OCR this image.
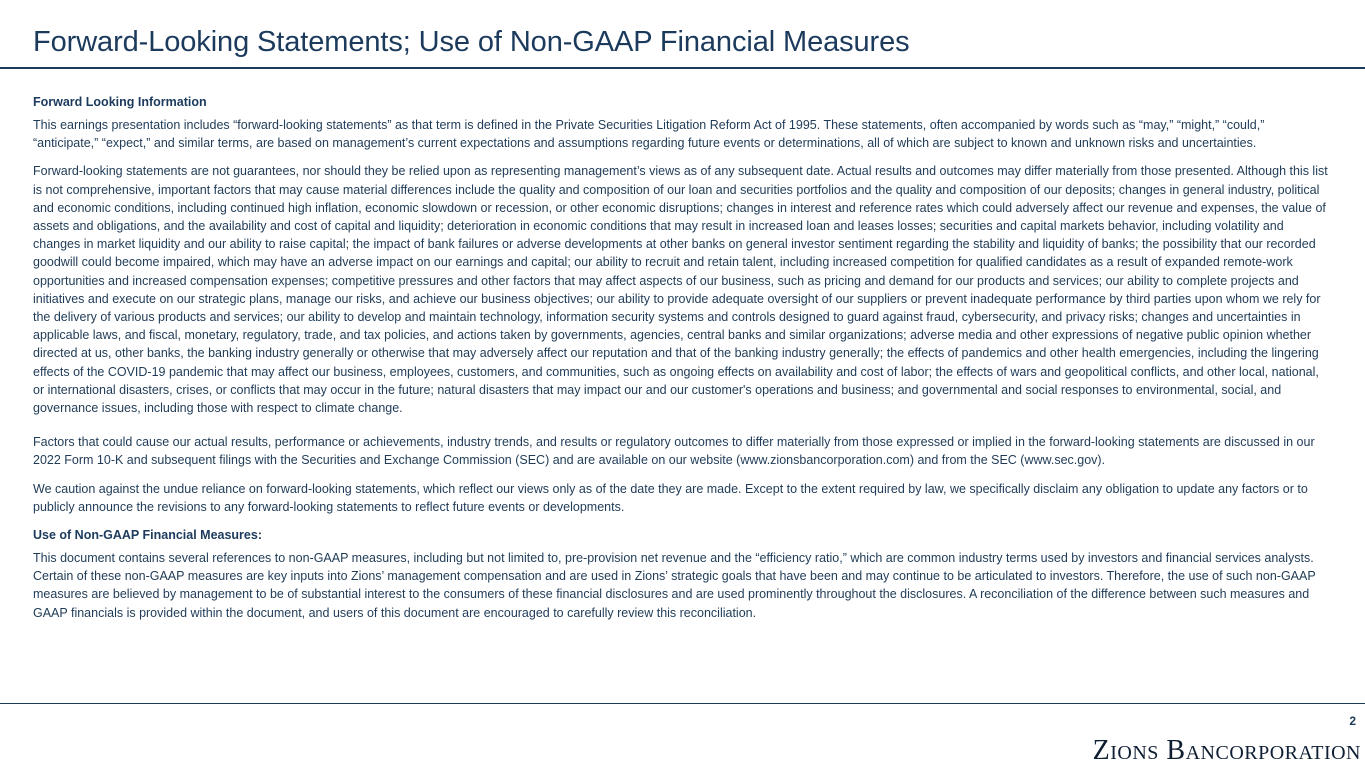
Forward-Looking Statements; Use of Non-GAAP Financial Measures
Forward Looking Information

This earnings presentation includes “forward-looking statements” as that term is defined in the Private Securities Litigation Reform Act of 1995. These statements, often accompanied by words such as “may,” “might,” “could,” “anticipate,” “expect,” and similar terms, are based on management’s current expectations and assumptions regarding future events or determinations, all of which are subject to known and unknown risks and uncertainties.

Forward-looking statements are not guarantees, nor should they be relied upon as representing management’s views as of any subsequent date. Actual results and outcomes may differ materially from those presented. Although this list is not comprehensive, important factors that may cause material differences include the quality and composition of our loan and securities portfolios and the quality and composition of our deposits; changes in general industry, political and economic conditions, including continued high inflation, economic slowdown or recession, or other economic disruptions; changes in interest and reference rates which could adversely affect our revenue and expenses, the value of assets and obligations, and the availability and cost of capital and liquidity; deterioration in economic conditions that may result in increased loan and leases losses; securities and capital markets behavior, including volatility and changes in market liquidity and our ability to raise capital; the impact of bank failures or adverse developments at other banks on general investor sentiment regarding the stability and liquidity of banks; the possibility that our recorded goodwill could become impaired, which may have an adverse impact on our earnings and capital; our ability to recruit and retain talent, including increased competition for qualified candidates as a result of expanded remote-work opportunities and increased compensation expenses; competitive pressures and other factors that may affect aspects of our business, such as pricing and demand for our products and services; our ability to complete projects and initiatives and execute on our strategic plans, manage our risks, and achieve our business objectives; our ability to provide adequate oversight of our suppliers or prevent inadequate performance by third parties upon whom we rely for the delivery of various products and services; our ability to develop and maintain technology, information security systems and controls designed to guard against fraud, cybersecurity, and privacy risks; changes and uncertainties in applicable laws, and fiscal, monetary, regulatory, trade, and tax policies, and actions taken by governments, agencies, central banks and similar organizations; adverse media and other expressions of negative public opinion whether directed at us, other banks, the banking industry generally or otherwise that may adversely affect our reputation and that of the banking industry generally; the effects of pandemics and other health emergencies, including the lingering effects of the COVID-19 pandemic that may affect our business, employees, customers, and communities, such as ongoing effects on availability and cost of labor; the effects of wars and geopolitical conflicts, and other local, national, or international disasters, crises, or conflicts that may occur in the future; natural disasters that may impact our and our customer's operations and business; and governmental and social responses to environmental, social, and governance issues, including those with respect to climate change.

Factors that could cause our actual results, performance or achievements, industry trends, and results or regulatory outcomes to differ materially from those expressed or implied in the forward-looking statements are discussed in our 2022 Form 10-K and subsequent filings with the Securities and Exchange Commission (SEC) and are available on our website (www.zionsbancorporation.com) and from the SEC (www.sec.gov).

We caution against the undue reliance on forward-looking statements, which reflect our views only as of the date they are made. Except to the extent required by law, we specifically disclaim any obligation to update any factors or to publicly announce the revisions to any forward-looking statements to reflect future events or developments.

Use of Non-GAAP Financial Measures:

This document contains several references to non-GAAP measures, including but not limited to, pre-provision net revenue and the “efficiency ratio,” which are common industry terms used by investors and financial services analysts. Certain of these non-GAAP measures are key inputs into Zions’ management compensation and are used in Zions’ strategic goals that have been and may continue to be articulated to investors. Therefore, the use of such non-GAAP measures are believed by management to be of substantial interest to the consumers of these financial disclosures and are used prominently throughout the disclosures. A reconciliation of the difference between such measures and GAAP financials is provided within the document, and users of this document are encouraged to carefully review this reconciliation.

2
Zions Bancorporation
